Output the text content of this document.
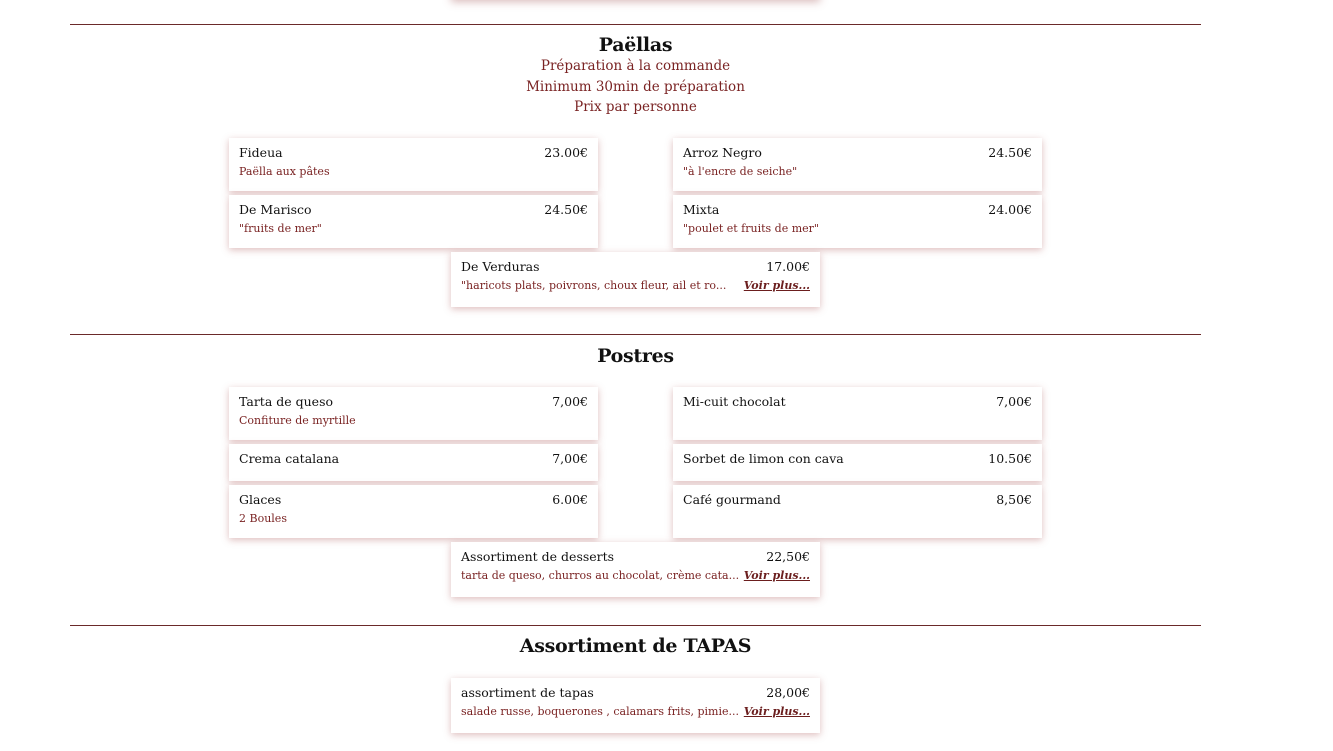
Paëllas
Préparation à la commande
Minimum 30min de préparation
Prix par personne
Fideua	23.00€
Paëlla aux pâtes
Arroz Negro	24.50€
"à l'encre de seiche"
De Marisco	24.50€
"fruits de mer"
Mixta	24.00€
"poulet et fruits de mer"
De Verduras	17.00€
"haricots plats, poivrons, choux fleur, ail et ro... Voir plus...
Postres
Tarta de queso	7,00€
Confiture de myrtille
Mi-cuit chocolat	7,00€
Crema catalana	7,00€	Sorbet de limon con cava	10.50€
Glaces	6.00€
2 Boules
Café gourmand	8,50€
Assortiment de desserts	22,50€
tarta de queso, churros au chocolat, crème cata... Voir plus...
Assortiment de TAPAS
assortiment de tapas	28,00€
salade russe, boquerones , calamars frits, pimie... Voir plus...
